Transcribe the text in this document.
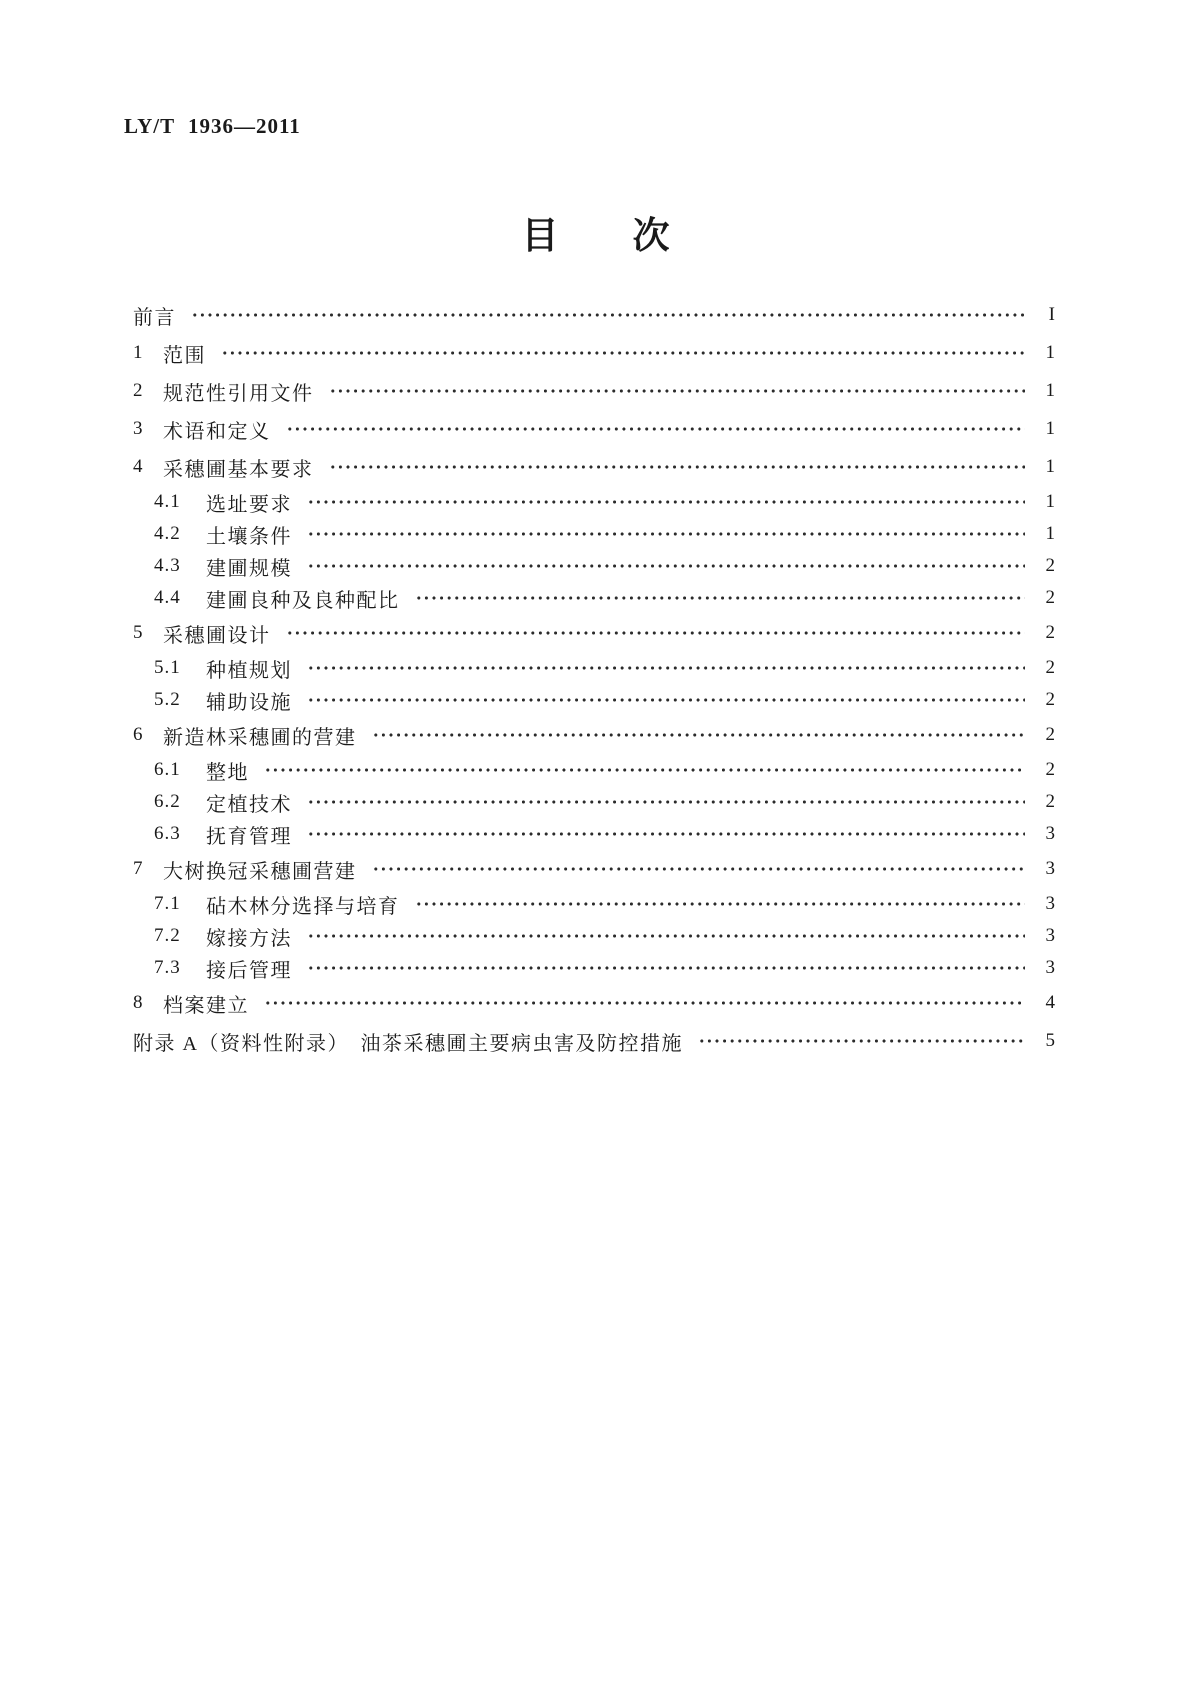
LY/T 1936—2011
目　　次
前言	I
1 范围	1
2 规范性引用文件	1
3 术语和定义	1
4 采穗圃基本要求	1
4.1	选址要求	1
4.2	土壤条件	1
4.3	建圃规模	2
4.4	建圃良种及良种配比	2
5 采穗圃设计	2
5.1	种植规划	2
5.2	辅助设施	2
6 新造林采穗圃的营建	2
6.1	整地	2
6.2	定植技术	2
6.3	抚育管理	3
7 大树换冠采穗圃营建	3
7.1	砧木林分选择与培育	3
7.2	嫁接方法	3
7.3	接后管理	3
8 档案建立	4
附录 A（资料性附录）　油茶采穗圃主要病虫害及防控措施	5
